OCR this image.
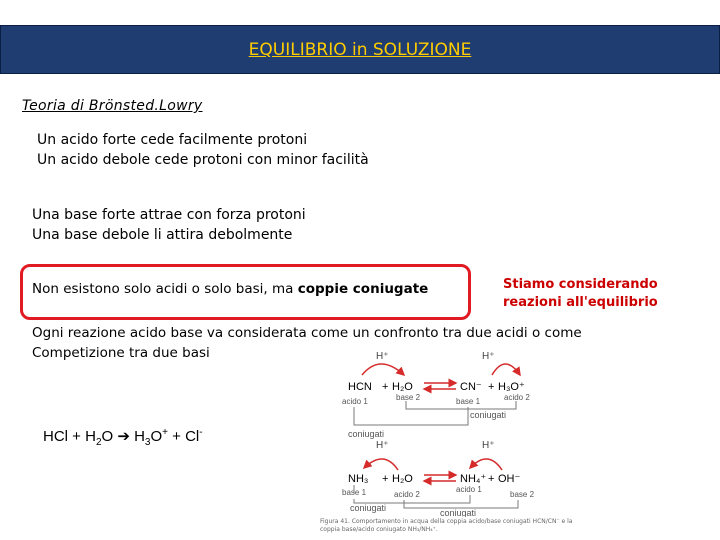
EQUILIBRIO in SOLUZIONE
Teoria di Brönsted.Lowry
Un acido forte cede facilmente protoni
Un acido debole cede protoni con minor facilità
Una base forte attrae con forza protoni
Una base debole li attira debolmente
Non esistono solo acidi o solo basi, ma coppie coniugate	Stiamo considerando
reazioni all'equilibrio
Ogni reazione acido base va considerata come un confronto tra due acidi o come
Competizione tra due basi
HCl + $H_2O$ ➔ $H_3O^+ + Cl^-$
H⁺	H⁺
HCN + H₂O	CN⁻ + H₃O⁺
acido 1	base 2	base 1	acido 2
coniugati
coniugati
H⁺	H⁺
NH₃ + H₂O	NH₄⁺ + OH⁻
base 1	acido 2
acido 1
base 2
coniugati	coniugati
Figura 41. Comportamento in acqua della coppia acido/base coniugati HCN/CN⁻ e la
coppia base/acido coniugato NH₃/NH₄⁺.
